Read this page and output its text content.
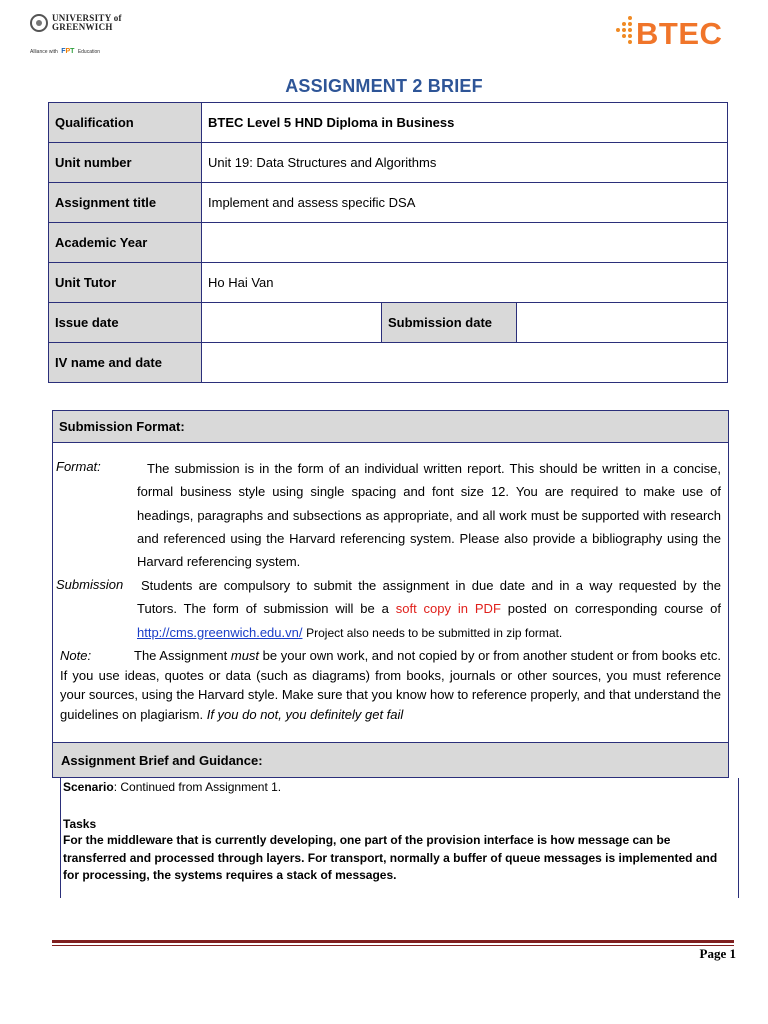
UNIVERSITY of
GREENWICH
Alliance with FPT Education
BTEC
ASSIGNMENT 2 BRIEF
Qualification	BTEC Level 5 HND Diploma in Business		
Unit number	Unit 19: Data Structures and Algorithms		
Assignment title	Implement and assess specific DSA		
Academic Year			
Unit Tutor	Ho Hai Van		
Issue date		Submission date	
IV name and date			
Submission Format:
Format:	The submission is in the form of an individual written report. This should be written in a concise, formal business style using single spacing and font size 12. You are required to make use of headings, paragraphs and subsections as appropriate, and all work must be supported with research and referenced using the Harvard referencing system. Please also provide a bibliography using the Harvard referencing system.
Submission	Students are compulsory to submit the assignment in due date and in a way requested by the Tutors. The form of submission will be a soft copy in PDF posted on corresponding course of http://cms.greenwich.edu.vn/ Project also needs to be submitted in zip format.
Note:	The Assignment must be your own work, and not copied by or from another student or from books etc. If you use ideas, quotes or data (such as diagrams) from books, journals or other sources, you must reference your sources, using the Harvard style. Make sure that you know how to reference properly, and that understand the guidelines on plagiarism. If you do not, you definitely get fail
Assignment Brief and Guidance:
Scenario: Continued from Assignment 1.
Tasks
For the middleware that is currently developing, one part of the provision interface is how message can be transferred and processed through layers. For transport, normally a buffer of queue messages is implemented and for processing, the systems requires a stack of messages.
Page 1
